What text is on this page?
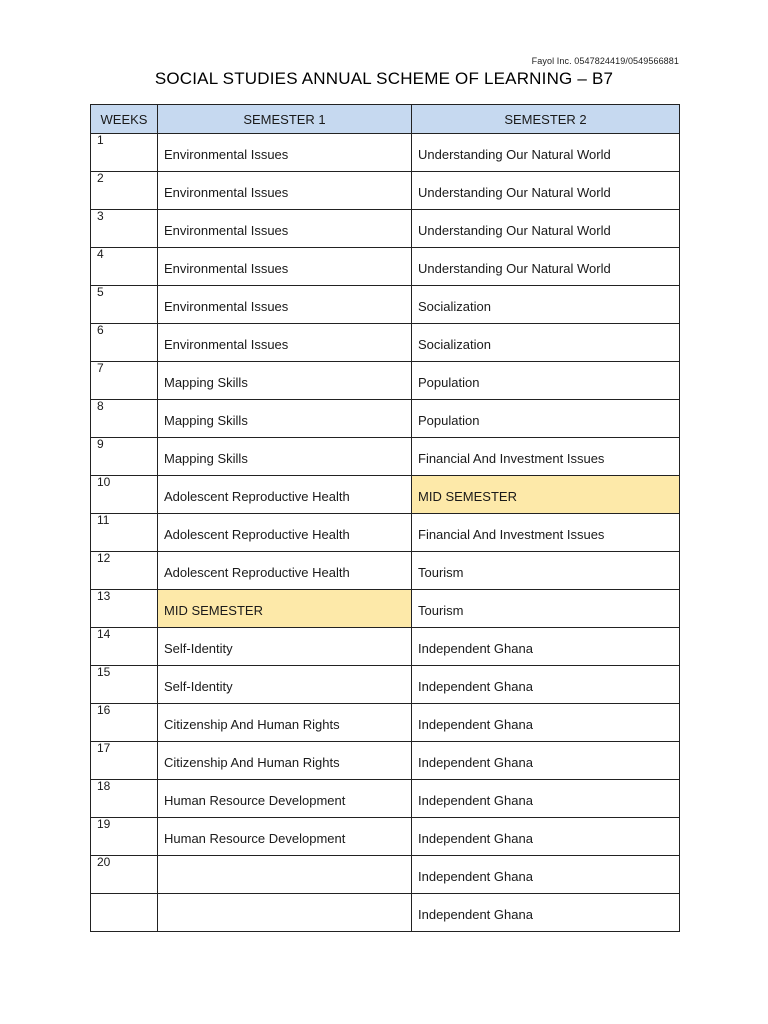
Fayol Inc. 0547824419/0549566881
SOCIAL STUDIES ANNUAL SCHEME OF LEARNING – B7
WEEKS	SEMESTER 1	SEMESTER 2
1	Environmental Issues	Understanding Our Natural World
2	Environmental Issues	Understanding Our Natural World
3	Environmental Issues	Understanding Our Natural World
4	Environmental Issues	Understanding Our Natural World
5	Environmental Issues	Socialization
6	Environmental Issues	Socialization
7	Mapping Skills	Population
8	Mapping Skills	Population
9	Mapping Skills	Financial And Investment Issues
10	Adolescent Reproductive Health	MID SEMESTER
11	Adolescent Reproductive Health	Financial And Investment Issues
12	Adolescent Reproductive Health	Tourism
13	MID SEMESTER	Tourism
14	Self-Identity	Independent Ghana
15	Self-Identity	Independent Ghana
16	Citizenship And Human Rights	Independent Ghana
17	Citizenship And Human Rights	Independent Ghana
18	Human Resource Development	Independent Ghana
19	Human Resource Development	Independent Ghana
20		Independent Ghana
		Independent Ghana
